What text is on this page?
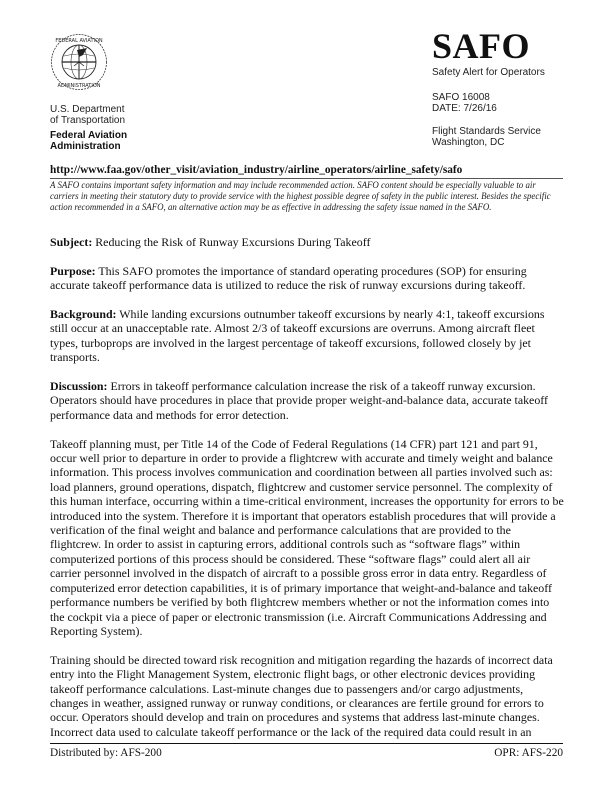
FEDERAL AVIATION
ADMINISTRATION
U.S. Department
of Transportation
Federal Aviation
Administration
SAFO
Safety Alert for Operators
SAFO 16008
DATE: 7/26/16
Flight Standards Service
Washington, DC
http://www.faa.gov/other_visit/aviation_industry/airline_operators/airline_safety/safo
A SAFO contains important safety information and may include recommended action. SAFO content should be especially valuable to air carriers in meeting their statutory duty to provide service with the highest possible degree of safety in the public interest. Besides the specific action recommended in a SAFO, an alternative action may be as effective in addressing the safety issue named in the SAFO.

Subject: Reducing the Risk of Runway Excursions During Takeoff

Purpose: This SAFO promotes the importance of standard operating procedures (SOP) for ensuring accurate takeoff performance data is utilized to reduce the risk of runway excursions during takeoff.

Background: While landing excursions outnumber takeoff excursions by nearly 4:1, takeoff excursions still occur at an unacceptable rate. Almost 2/3 of takeoff excursions are overruns. Among aircraft fleet types, turboprops are involved in the largest percentage of takeoff excursions, followed closely by jet transports.

Discussion: Errors in takeoff performance calculation increase the risk of a takeoff runway excursion. Operators should have procedures in place that provide proper weight-and-balance data, accurate takeoff performance data and methods for error detection.

Takeoff planning must, per Title 14 of the Code of Federal Regulations (14 CFR) part 121 and part 91, occur well prior to departure in order to provide a flightcrew with accurate and timely weight and balance information. This process involves communication and coordination between all parties involved such as: load planners, ground operations, dispatch, flightcrew and customer service personnel. The complexity of this human interface, occurring within a time-critical environment, increases the opportunity for errors to be introduced into the system. Therefore it is important that operators establish procedures that will provide a verification of the final weight and balance and performance calculations that are provided to the flightcrew. In order to assist in capturing errors, additional controls such as “software flags” within computerized portions of this process should be considered. These “software flags” could alert all air carrier personnel involved in the dispatch of aircraft to a possible gross error in data entry. Regardless of computerized error detection capabilities, it is of primary importance that weight-and-balance and takeoff performance numbers be verified by both flightcrew members whether or not the information comes into the cockpit via a piece of paper or electronic transmission (i.e. Aircraft Communications Addressing and Reporting System).

Training should be directed toward risk recognition and mitigation regarding the hazards of incorrect data entry into the Flight Management System, electronic flight bags, or other electronic devices providing takeoff performance calculations. Last-minute changes due to passengers and/or cargo adjustments, changes in weather, assigned runway or runway conditions, or clearances are fertile ground for errors to occur. Operators should develop and train on procedures and systems that address last-minute changes. Incorrect data used to calculate takeoff performance or the lack of the required data could result in an

Distributed by: AFS-200	OPR: AFS-220
